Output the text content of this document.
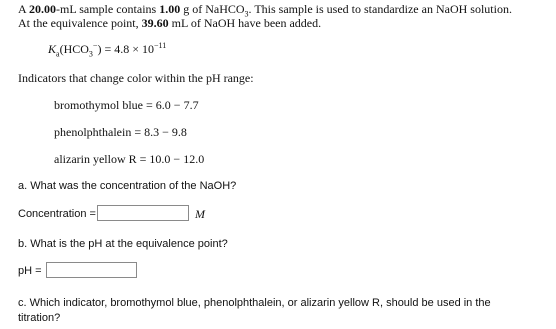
A 20.00-mL sample contains 1.00 g of NaHCO$_3$. This sample is used to standardize an NaOH solution.
At the equivalence point, 39.60 mL of NaOH have been added.
$K_a(HCO_3^-) = 4.8 \times 10^{-11}$
Indicators that change color within the pH range:
bromothymol blue = 6.0 − 7.7
phenolphthalein = 8.3 − 9.8
alizarin yellow R = 10.0 − 12.0
a. What was the concentration of the NaOH?
Concentration =	M
b. What is the pH at the equivalence point?
pH =
c. Which indicator, bromothymol blue, phenolphthalein, or alizarin yellow R, should be used in the
titration?
